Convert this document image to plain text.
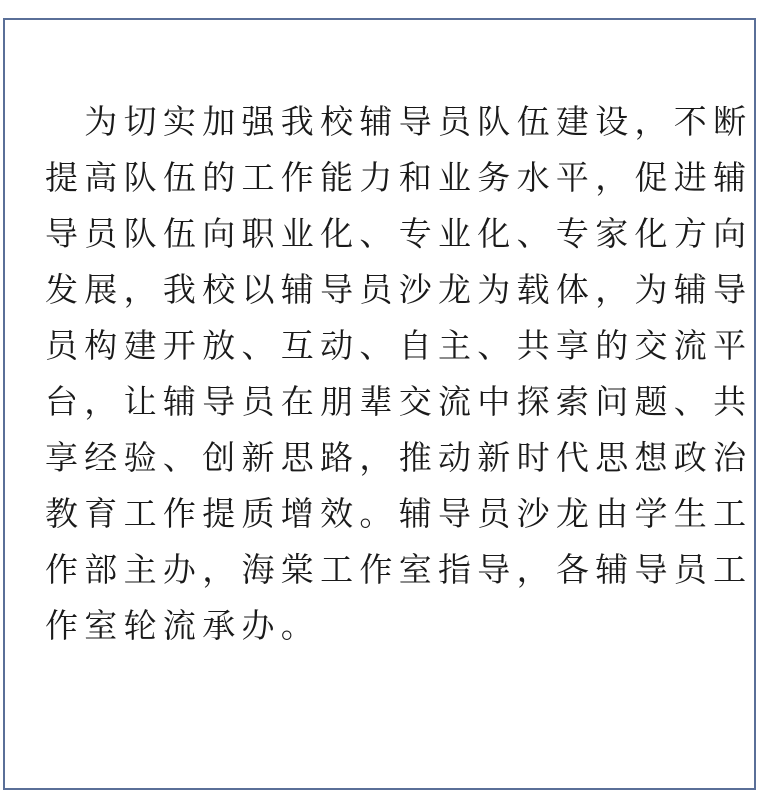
　为切实加强我校辅导员队伍建设，不断
提高队伍的工作能力和业务水平，促进辅
导员队伍向职业化、专业化、专家化方向
发展，我校以辅导员沙龙为载体，为辅导
员构建开放、互动、自主、共享的交流平
台，让辅导员在朋辈交流中探索问题、共
享经验、创新思路，推动新时代思想政治
教育工作提质增效。辅导员沙龙由学生工
作部主办，海棠工作室指导，各辅导员工
作室轮流承办。
